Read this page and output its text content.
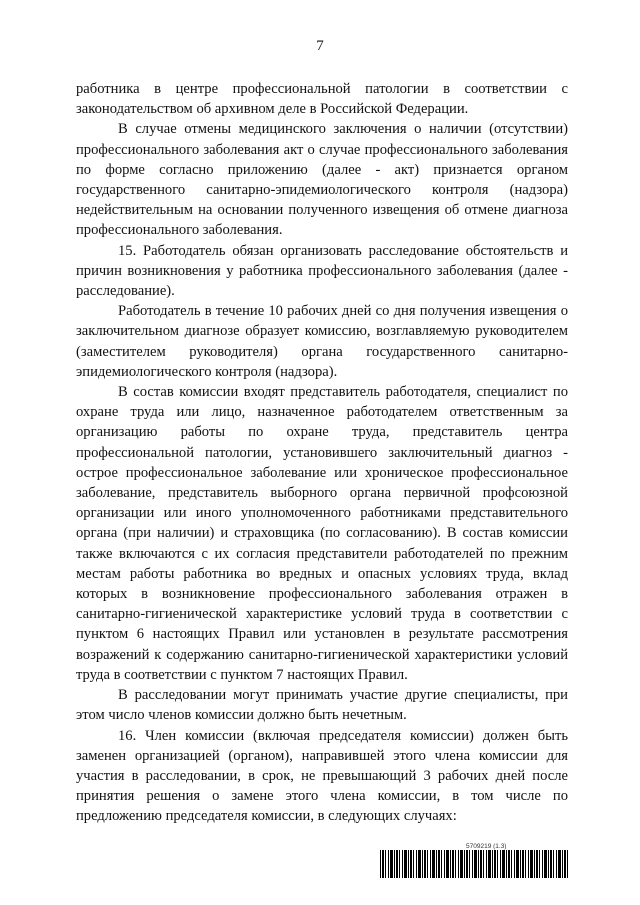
7

работника в центре профессиональной патологии в соответствии с законодательством об архивном деле в Российской Федерации.

В случае отмены медицинского заключения о наличии (отсутствии) профессионального заболевания акт о случае профессионального заболевания по форме согласно приложению (далее - акт) признается органом государственного санитарно-эпидемиологического контроля (надзора) недействительным на основании полученного извещения об отмене диагноза профессионального заболевания.

15. Работодатель обязан организовать расследование обстоятельств и причин возникновения у работника профессионального заболевания (далее - расследование).

Работодатель в течение 10 рабочих дней со дня получения извещения о заключительном диагнозе образует комиссию, возглавляемую руководителем (заместителем руководителя) органа государственного санитарно-эпидемиологического контроля (надзора).

В состав комиссии входят представитель работодателя, специалист по охране труда или лицо, назначенное работодателем ответственным за организацию работы по охране труда, представитель центра профессиональной патологии, установившего заключительный диагноз - острое профессиональное заболевание или хроническое профессиональное заболевание, представитель выборного органа первичной профсоюзной организации или иного уполномоченного работниками представительного органа (при наличии) и страховщика (по согласованию). В состав комиссии также включаются с их согласия представители работодателей по прежним местам работы работника во вредных и опасных условиях труда, вклад которых в возникновение профессионального заболевания отражен в санитарно-гигиенической характеристике условий труда в соответствии с пунктом 6 настоящих Правил или установлен в результате рассмотрения возражений к содержанию санитарно-гигиенической характеристики условий труда в соответствии с пунктом 7 настоящих Правил.

В расследовании могут принимать участие другие специалисты, при этом число членов комиссии должно быть нечетным.

16. Член комиссии (включая председателя комиссии) должен быть заменен организацией (органом), направившей этого члена комиссии для участия в расследовании, в срок, не превышающий 3 рабочих дней после принятия решения о замене этого члена комиссии, в том числе по предложению председателя комиссии, в следующих случаях:

5709219 (1.3)
